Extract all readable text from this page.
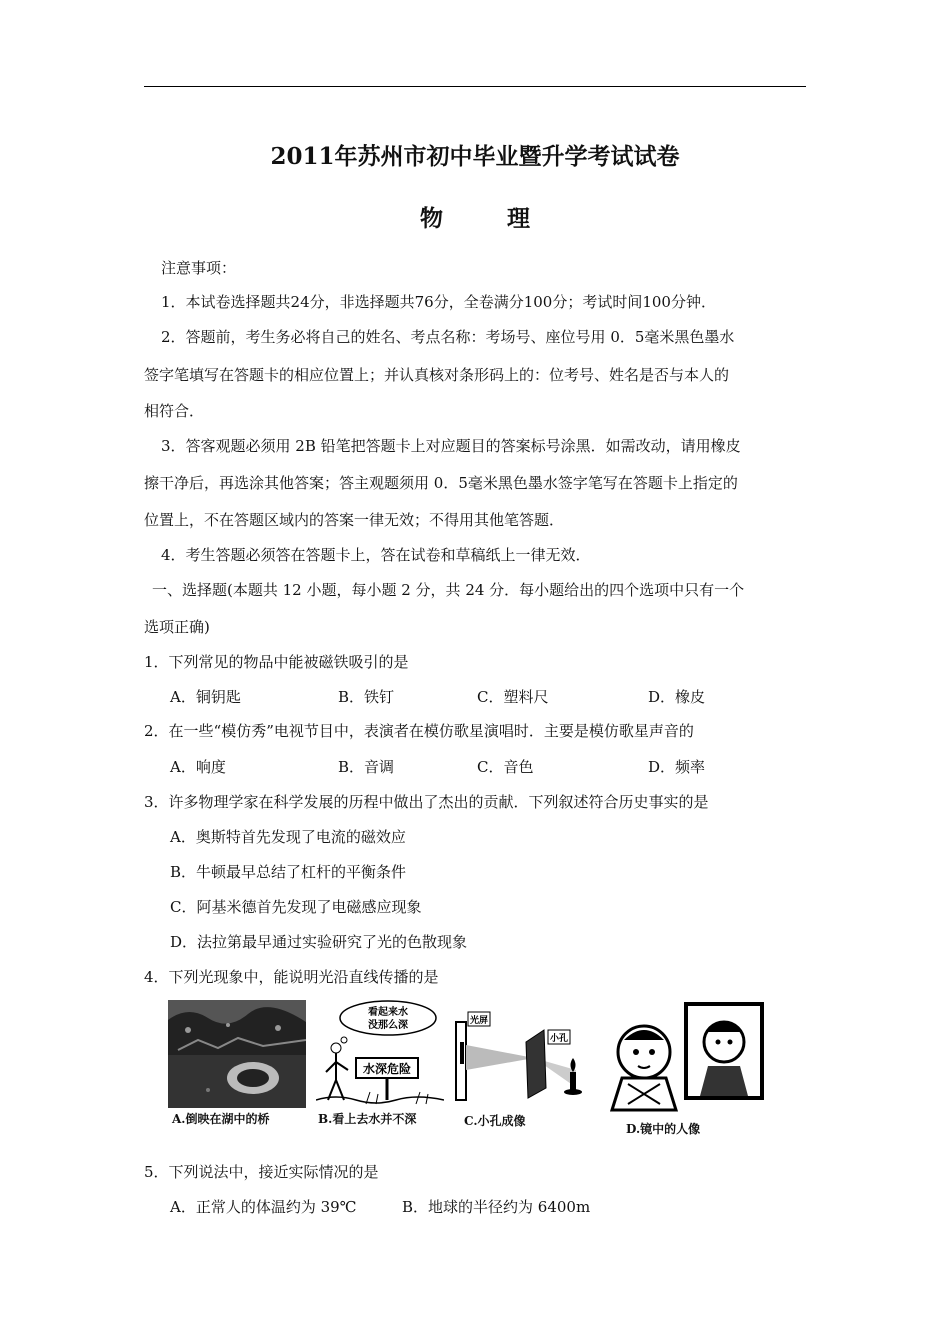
2011年苏州市初中毕业暨升学考试试卷
物 理
注意事项：
1．本试卷选择题共24分，非选择题共76分，全卷满分100分；考试时间100分钟．
2．答题前，考生务必将自己的姓名、考点名称：考场号、座位号用 0．5毫米黑色墨水
签字笔填写在答题卡的相应位置上；并认真核对条形码上的：位考号、姓名是否与本人的
相符合．
3．答客观题必须用 2B 铅笔把答题卡上对应题目的答案标号涂黑．如需改动，请用橡皮
擦干净后，再选涂其他答案；答主观题须用 0．5毫米黑色墨水签字笔写在答题卡上指定的
位置上，不在答题区域内的答案一律无效；不得用其他笔答题．
4．考生答题必须答在答题卡上，答在试卷和草稿纸上一律无效．
一、选择题(本题共 12 小题，每小题 2 分，共 24 分．每小题给出的四个选项中只有一个
选项正确)
1．下列常见的物品中能被磁铁吸引的是
A．铜钥匙	B．铁钉	C．塑料尺	D．橡皮
2．在一些“模仿秀”电视节目中，表演者在模仿歌星演唱时．主要是模仿歌星声音的
A．响度	B．音调	C．音色	D．频率
3．许多物理学家在科学发展的历程中做出了杰出的贡献．下列叙述符合历史事实的是
A．奥斯特首先发现了电流的磁效应
B．牛顿最早总结了杠杆的平衡条件
C．阿基米德首先发现了电磁感应现象
D．法拉第最早通过实验研究了光的色散现象
4．下列光现象中，能说明光沿直线传播的是
看起来水
没那么深
水深危险
光屏
小孔
A.倒映在湖中的桥	B.看上去水并不深	C.小孔成像
D.镜中的人像
5．下列说法中，接近实际情况的是
A．正常人的体温约为 39℃	B．地球的半径约为 6400m
